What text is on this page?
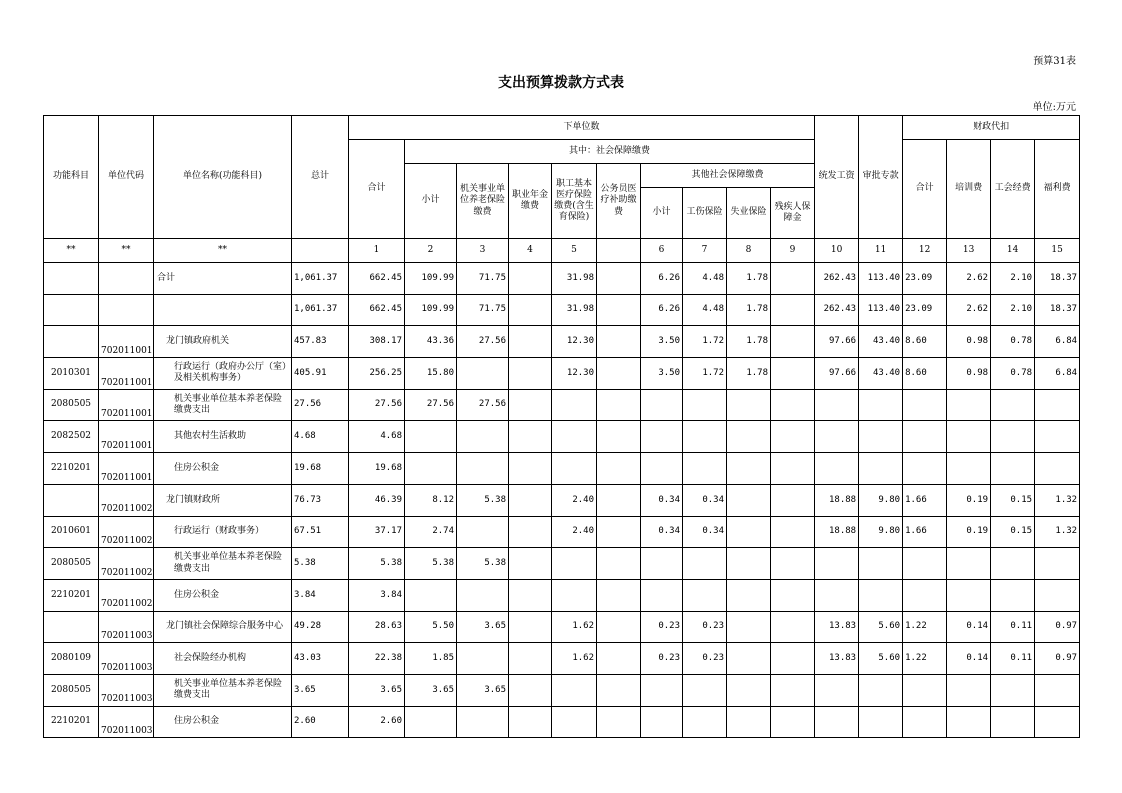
预算31表
支出预算拨款方式表
单位:万元
功能科目	单位代码	单位名称(功能科目)	总计	下单位数										统发工资	审批专款	财政代扣			
				合计	其中：社会保障缴费											合计	培训费	工会经费	福利费
					小计	机关事业单位养老保险缴费	职业年金缴费	职工基本医疗保险缴费(含生育保险)	公务员医疗补助缴费	其他社会保障缴费									
										小计	工伤保险	失业保险	残疾人保障金						
**	**	**		1	2	3	4	5		6	7	8	9	10	11	12	13	14	15
		合计	1,061.37	662.45	109.99	71.75		31.98		6.26	4.48	1.78		262.43	113.40	23.09	2.62	2.10	18.37
			1,061.37	662.45	109.99	71.75		31.98		6.26	4.48	1.78		262.43	113.40	23.09	2.62	2.10	18.37
	702011001	龙门镇政府机关	457.83	308.17	43.36	27.56		12.30		3.50	1.72	1.78		97.66	43.40	8.60	0.98	0.78	6.84
2010301	702011001	行政运行（政府办公厅（室）及相关机构事务）	405.91	256.25	15.80			12.30		3.50	1.72	1.78		97.66	43.40	8.60	0.98	0.78	6.84
2080505	702011001	机关事业单位基本养老保险缴费支出	27.56	27.56	27.56	27.56													
2082502	702011001	其他农村生活救助	4.68	4.68															
2210201	702011001	住房公积金	19.68	19.68															
	702011002	龙门镇财政所	76.73	46.39	8.12	5.38		2.40		0.34	0.34			18.88	9.80	1.66	0.19	0.15	1.32
2010601	702011002	行政运行（财政事务）	67.51	37.17	2.74			2.40		0.34	0.34			18.88	9.80	1.66	0.19	0.15	1.32
2080505	702011002	机关事业单位基本养老保险缴费支出	5.38	5.38	5.38	5.38													
2210201	702011002	住房公积金	3.84	3.84															
	702011003	龙门镇社会保障综合服务中心	49.28	28.63	5.50	3.65		1.62		0.23	0.23			13.83	5.60	1.22	0.14	0.11	0.97
2080109	702011003	社会保险经办机构	43.03	22.38	1.85			1.62		0.23	0.23			13.83	5.60	1.22	0.14	0.11	0.97
2080505	702011003	机关事业单位基本养老保险缴费支出	3.65	3.65	3.65	3.65													
2210201	702011003	住房公积金	2.60	2.60															
